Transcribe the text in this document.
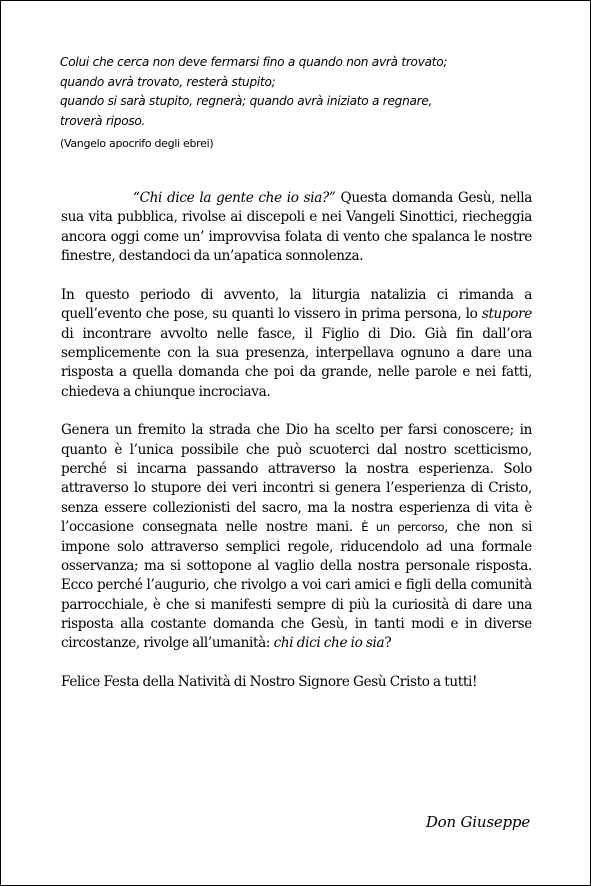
Colui che cerca non deve fermarsi fino a quando non avrà trovato;
quando avrà trovato, resterà stupito;
quando si sarà stupito, regnerà; quando avrà iniziato a regnare,
troverà riposo.
(Vangelo apocrifo degli ebrei)

“Chi dice la gente che io sia?” Questa domanda Gesù, nella sua vita pubblica, rivolse ai discepoli e nei Vangeli Sinottici, riecheggia ancora oggi come un’ improvvisa folata di vento che spalanca le nostre finestre, destandoci da un’apatica sonnolenza.

In questo periodo di avvento, la liturgia natalizia ci rimanda a quell’evento che pose, su quanti lo vissero in prima persona, lo stupore di incontrare avvolto nelle fasce, il Figlio di Dio. Già fin dall’ora semplicemente con la sua presenza, interpellava ognuno a dare una risposta a quella domanda che poi da grande, nelle parole e nei fatti, chiedeva a chiunque incrociava.

Genera un fremito la strada che Dio ha scelto per farsi conoscere; in quanto è l’unica possibile che può scuoterci dal nostro scetticismo, perché si incarna passando attraverso la nostra esperienza. Solo attraverso lo stupore dei veri incontri si genera l’esperienza di Cristo, senza essere collezionisti del sacro, ma la nostra esperienza di vita è l’occasione consegnata nelle nostre mani. È un percorso, che non si impone solo attraverso semplici regole, riducendolo ad una formale osservanza; ma si sottopone al vaglio della nostra personale risposta. Ecco perché l’augurio, che rivolgo a voi cari amici e figli della comunità parrocchiale, è che si manifesti sempre di più la curiosità di dare una risposta alla costante domanda che Gesù, in tanti modi e in diverse circostanze, rivolge all’umanità: chi dici che io sia?

Felice Festa della Natività di Nostro Signore Gesù Cristo a tutti!

Don Giuseppe
